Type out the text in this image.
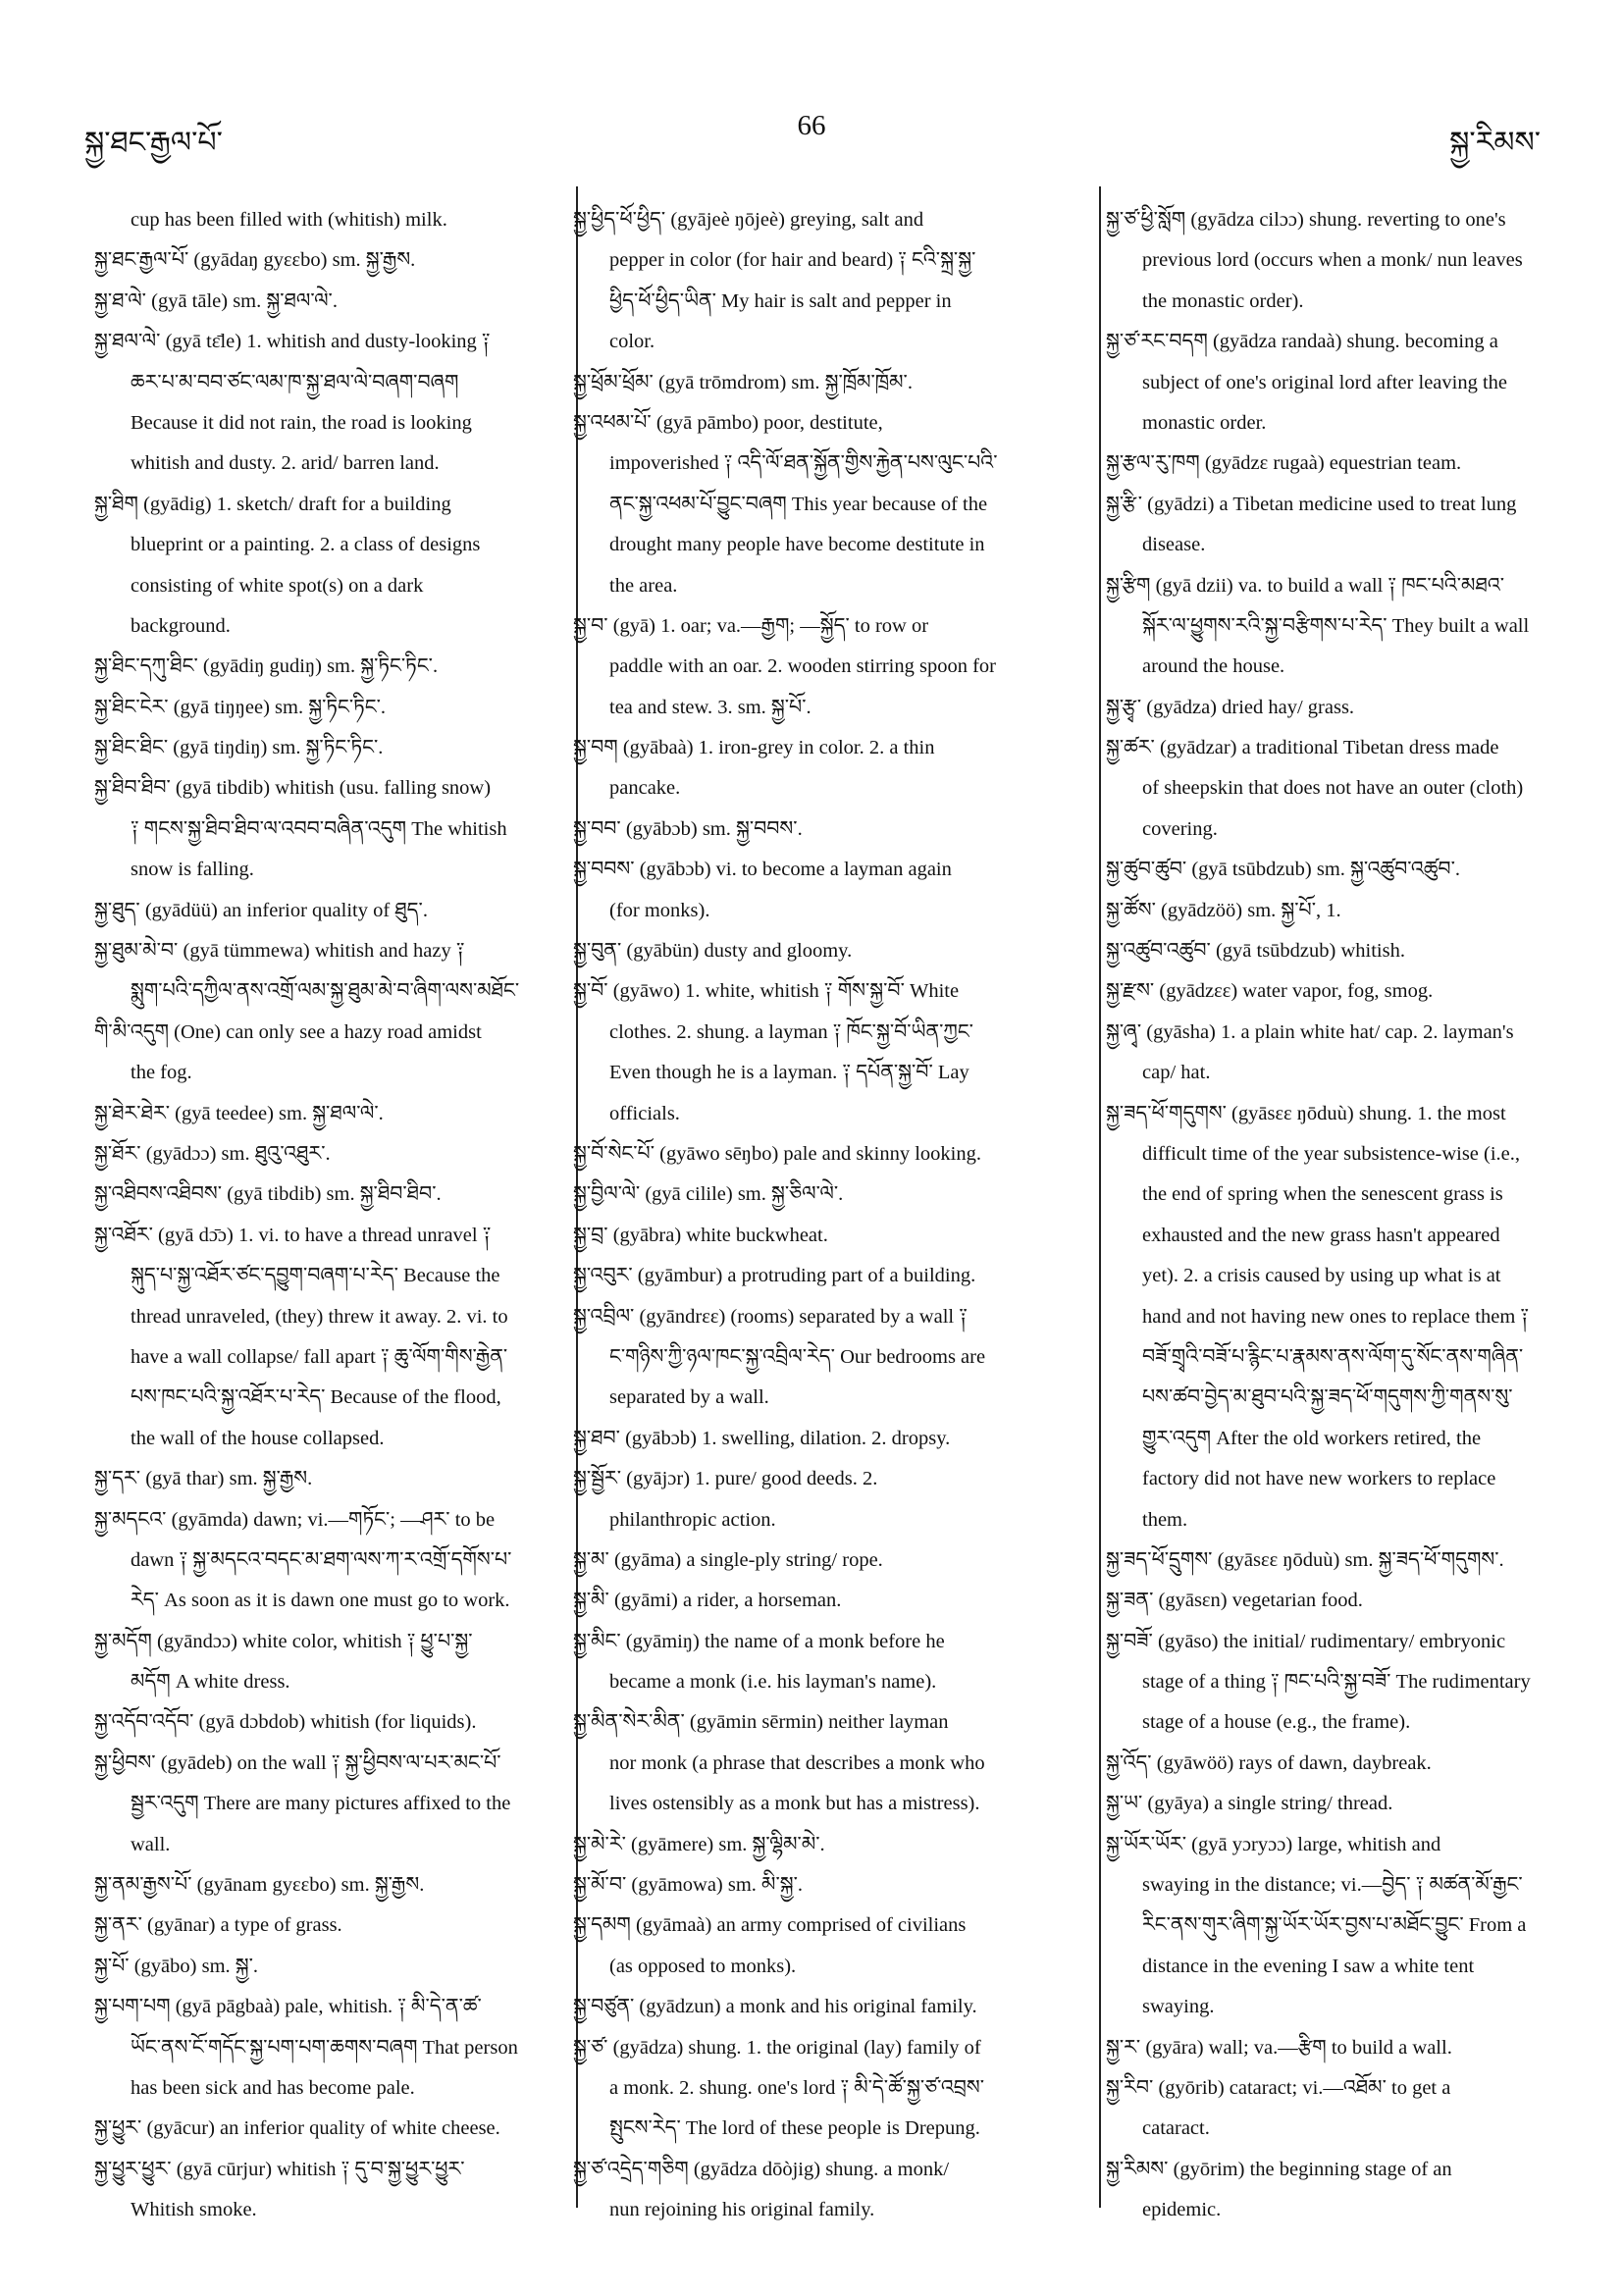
སྐྱ་ཐང་རྒྱལ་པོ་
66
སྐྱ་རིམས་
cup has been filled with (whitish) milk.
སྐྱ་ཐང་རྒྱལ་པོ་ (gyādaŋ gyɛɛbo) sm. སྐྱ་རྒྱས.
སྐྱ་ཐ་ལེ་ (gyā tāle) sm. སྐྱ་ཐལ་ལེ་.
སྐྱ་ཐལ་ལེ་ (gyā tɛ̄le) 1. whitish and dusty-looking ༑
ཆར་པ་མ་བབ་ཙང་ལམ་ཁ་སྐྱ་ཐལ་ལེ་བཞག་བཞག
Because it did not rain, the road is looking
whitish and dusty. 2. arid/ barren land.
སྐྱ་ཐིག (gyādig) 1. sketch/ draft for a building
blueprint or a painting. 2. a class of designs
consisting of white spot(s) on a dark
background.
སྐྱ་ཐིང་དཀུ་ཐིང་ (gyādiŋ gudiŋ) sm. སྐྱ་ཏིང་ཏིང་.
སྐྱ་ཐིང་ངེར་ (gyā tiŋŋee) sm. སྐྱ་ཏིང་ཏིང་.
སྐྱ་ཐིང་ཐིང་ (gyā tiŋdiŋ) sm. སྐྱ་ཏིང་ཏིང་.
སྐྱ་ཐིབ་ཐིབ་ (gyā tibdib) whitish (usu. falling snow)
༑ གངས་སྐྱ་ཐིབ་ཐིབ་ལ་འབབ་བཞིན་འདུག The whitish
snow is falling.
སྐྱ་ཐུད་ (gyādüü) an inferior quality of ཐུད་.
སྐྱ་ཐུམ་མེ་བ་ (gyā tümmewa) whitish and hazy ༑
སྨུག་པའི་དཀྱིལ་ནས་འགྲོ་ལམ་སྐྱ་ཐུམ་མེ་བ་ཞིག་ལས་མཐོང་
གི་མི་འདུག (One) can only see a hazy road amidst
the fog.
སྐྱ་ཐེར་ཐེར་ (gyā teedee) sm. སྐྱ་ཐལ་ལེ་.
སྐྱ་ཐོར་ (gyādɔɔ) sm. ཐུའུ་འཐུར་.
སྐྱ་འཐིབས་འཐིབས་ (gyā tibdib) sm. སྐྱ་ཐིབ་ཐིབ་.
སྐྱ་འཐོར་ (gyā dɔ̄ɔ) 1. vi. to have a thread unravel ༑
སྐུད་པ་སྐྱ་འཐོར་ཙང་དབྱུག་བཞག་པ་རེད་ Because the
thread unraveled, (they) threw it away. 2. vi. to
have a wall collapse/ fall apart ༑ ཆུ་ལོག་གིས་རྒྱེན་
པས་ཁང་པའི་སྐྱ་འཐོར་པ་རེད་ Because of the flood,
the wall of the house collapsed.
སྐྱ་དར་ (gyā thar) sm. སྐྱ་རྒྱས.
སྐྱ་མདངའ་ (gyāmda) dawn; vi.—གཏོང་; —ཤར་ to be
dawn ༑ སྐྱ་མདངའ་བདང་མ་ཐག་ལས་ཀ་ར་འགྲོ་དགོས་པ་
རེད་ As soon as it is dawn one must go to work.
སྐྱ་མདོག (gyāndɔɔ) white color, whitish ༑ ཕྱུ་པ་སྐྱ་
མདོག A white dress.
སྐྱ་འདོབ་འདོབ་ (gyā dɔbdob) whitish (for liquids).
སྐྱ་ཕྱིབས་ (gyādeb) on the wall ༑ སྐྱ་ཕྱིབས་ལ་པར་མང་པོ་
སྦྱར་འདུག There are many pictures affixed to the
wall.
སྐྱ་ནམ་རྒྱས་པོ་ (gyānam gyɛɛbo) sm. སྐྱ་རྒྱས.
སྐྱ་ནར་ (gyānar) a type of grass.
སྐྱ་པོ་ (gyābo) sm. སྐྱ་.
སྐྱ་པག་པག (gyā pāgbaà) pale, whitish. ༑ མི་དེ་ན་ཚ་
ཡོང་ནས་ངོ་གདོང་སྐྱ་པག་པག་ཆགས་བཞག That person
has been sick and has become pale.
སྐྱ་ཕྱུར་ (gyācur) an inferior quality of white cheese.
སྐྱ་ཕྱུར་ཕྱུར་ (gyā cūrjur) whitish ༑ དུ་བ་སྐྱ་ཕྱུར་ཕྱུར་
Whitish smoke.
སྐྱ་ཕྱིད་ཕོ་ཕྱིད་ (gyājeè ŋōjeè) greying, salt and
pepper in color (for hair and beard) ༑ ངའི་སྐྲ་སྐྱ་
ཕྱིད་ཕོ་ཕྱིད་ཡིན་ My hair is salt and pepper in
color.
སྐྱ་ཕྲོམ་ཕྲོམ་ (gyā trōmdrom) sm. སྐྱ་ཁྲོམ་ཁྲོམ་.
སྐྱ་འཕམ་པོ་ (gyā pāmbo) poor, destitute,
impoverished ༑ འདི་ལོ་ཐན་སྐྱོན་གྱིས་རྐྱེན་པས་ལུང་པའི་
ནང་སྐྱ་འཕམ་པོ་བྱུང་བཞག This year because of the
drought many people have become destitute in
the area.
སྐྱ་བ་ (gyā) 1. oar; va.—རྒྱག; —སྐྱོད་ to row or
paddle with an oar. 2. wooden stirring spoon for
tea and stew. 3. sm. སྐྱ་པོ་.
སྐྱ་བག (gyābaà) 1. iron-grey in color. 2. a thin
pancake.
སྐྱ་བབ་ (gyābɔb) sm. སྐྱ་བབས་.
སྐྱ་བབས་ (gyābɔb) vi. to become a layman again
(for monks).
སྐྱ་བུན་ (gyābün) dusty and gloomy.
སྐྱ་བོ་ (gyāwo) 1. white, whitish ༑ གོས་སྐྱ་བོ་ White
clothes. 2. shung. a layman ༑ ཁོང་སྐྱ་བོ་ཡིན་ཀྱང་
Even though he is a layman. ༑ དཔོན་སྐྱ་བོ་ Lay
officials.
སྐྱ་བོ་སེང་པོ་ (gyāwo sēŋbo) pale and skinny looking.
སྐྱ་བྱིལ་ལེ་ (gyā cilile) sm. སྐྱ་ཅིལ་ལེ་.
སྐྱ་བྲ་ (gyābra) white buckwheat.
སྐྱ་འབུར་ (gyāmbur) a protruding part of a building.
སྐྱ་འབྲིལ་ (gyāndrɛɛ) (rooms) separated by a wall ༑
ང་གཉིས་ཀྱི་ཉལ་ཁང་སྐྱ་འབྲིལ་རེད་ Our bedrooms are
separated by a wall.
སྐྱ་ཐབ་ (gyābɔb) 1. swelling, dilation. 2. dropsy.
སྐྱ་སྦྱོར་ (gyājɔr) 1. pure/ good deeds. 2.
philanthropic action.
སྐྱ་མ་ (gyāma) a single-ply string/ rope.
སྐྱ་མི་ (gyāmi) a rider, a horseman.
སྐྱ་མིང་ (gyāmiŋ) the name of a monk before he
became a monk (i.e. his layman's name).
སྐྱ་མིན་སེར་མིན་ (gyāmin sērmin) neither layman
nor monk (a phrase that describes a monk who
lives ostensibly as a monk but has a mistress).
སྐྱ་མེ་རེ་ (gyāmere) sm. སྐྱ་ལྷིམ་མེ་.
སྐྱ་མོ་བ་ (gyāmowa) sm. མི་སྐྱ་.
སྐྱ་དམག (gyāmaà) an army comprised of civilians
(as opposed to monks).
སྐྱ་བཙུན་ (gyādzun) a monk and his original family.
སྐྱ་ཙ་ (gyādza) shung. 1. the original (lay) family of
a monk. 2. shung. one's lord ༑ མི་དེ་ཚོ་སྐྱ་ཙ་འབྲས་
སྤུངས་རེད་ The lord of these people is Drepung.
སྐྱ་ཙ་འདྲེད་གཅིག (gyādza dōòjig) shung. a monk/
nun rejoining his original family.
སྐྱ་ཙ་ཕྱི་སློག (gyādza cilɔɔ) shung. reverting to one's
previous lord (occurs when a monk/ nun leaves
the monastic order).
སྐྱ་ཙ་རང་བདག (gyādza randaà) shung. becoming a
subject of one's original lord after leaving the
monastic order.
སྐྱ་རྩལ་རུ་ཁག (gyādzɛ rugaà) equestrian team.
སྐྱ་རྩི་ (gyādzi) a Tibetan medicine used to treat lung
disease.
སྐྱ་རྩིག (gyā dzii) va. to build a wall ༑ ཁང་པའི་མཐའ་
སྐོར་ལ་ཕྱུགས་རའི་སྐྱ་བརྩིགས་པ་རེད་ They built a wall
around the house.
སྐྱ་རྩྭ་ (gyādza) dried hay/ grass.
སྐྱ་ཚར་ (gyādzar) a traditional Tibetan dress made
of sheepskin that does not have an outer (cloth)
covering.
སྐྱ་ཚུབ་ཚུབ་ (gyā tsūbdzub) sm. སྐྱ་འཚུབ་འཚུབ་.
སྐྱ་ཚོས་ (gyādzöö) sm. སྐྱ་པོ་, 1.
སྐྱ་འཚུབ་འཚུབ་ (gyā tsūbdzub) whitish.
སྐྱ་རྫས་ (gyādzɛɛ) water vapor, fog, smog.
སྐྱ་ཞྭ་ (gyāsha) 1. a plain white hat/ cap. 2. layman's
cap/ hat.
སྐྱ་ཟད་ཕོ་གདུགས་ (gyāsɛɛ ŋōduù) shung. 1. the most
difficult time of the year subsistence-wise (i.e.,
the end of spring when the senescent grass is
exhausted and the new grass hasn't appeared
yet). 2. a crisis caused by using up what is at
hand and not having new ones to replace them ༑
བཟོ་གྲྭའི་བཟོ་པ་རྙིང་པ་རྣམས་ནས་ལོག་དུ་སོང་ནས་གཞིན་
པས་ཚབ་བྱེད་མ་ཐུབ་པའི་སྐྱ་ཟད་ཕོ་གདུགས་ཀྱི་གནས་སུ་
གྱུར་འདུག After the old workers retired, the
factory did not have new workers to replace
them.
སྐྱ་ཟད་ཕོ་དྲུགས་ (gyāsɛɛ ŋōduù) sm. སྐྱ་ཟད་ཕོ་གདུགས་.
སྐྱ་ཟན་ (gyāsɛn) vegetarian food.
སྐྱ་བཟོ་ (gyāso) the initial/ rudimentary/ embryonic
stage of a thing ༑ ཁང་པའི་སྐྱ་བཟོ་ The rudimentary
stage of a house (e.g., the frame).
སྐྱ་འོད་ (gyāwöö) rays of dawn, daybreak.
སྐྱ་ཡ་ (gyāya) a single string/ thread.
སྐྱ་ཡོར་ཡོར་ (gyā yɔryɔɔ) large, whitish and
swaying in the distance; vi.—བྱེད་ ༑ མཚན་མོ་རྒྱང་
རིང་ནས་གུར་ཞིག་སྐྱ་ཡོར་ཡོར་བྱས་པ་མཐོང་བྱུང་ From a
distance in the evening I saw a white tent
swaying.
སྐྱ་ར་ (gyāra) wall; va.—རྩིག to build a wall.
སྐྱ་རིབ་ (gyōrib) cataract; vi.—འཐོམ་ to get a
cataract.
སྐྱ་རིམས་ (gyōrim) the beginning stage of an
epidemic.
